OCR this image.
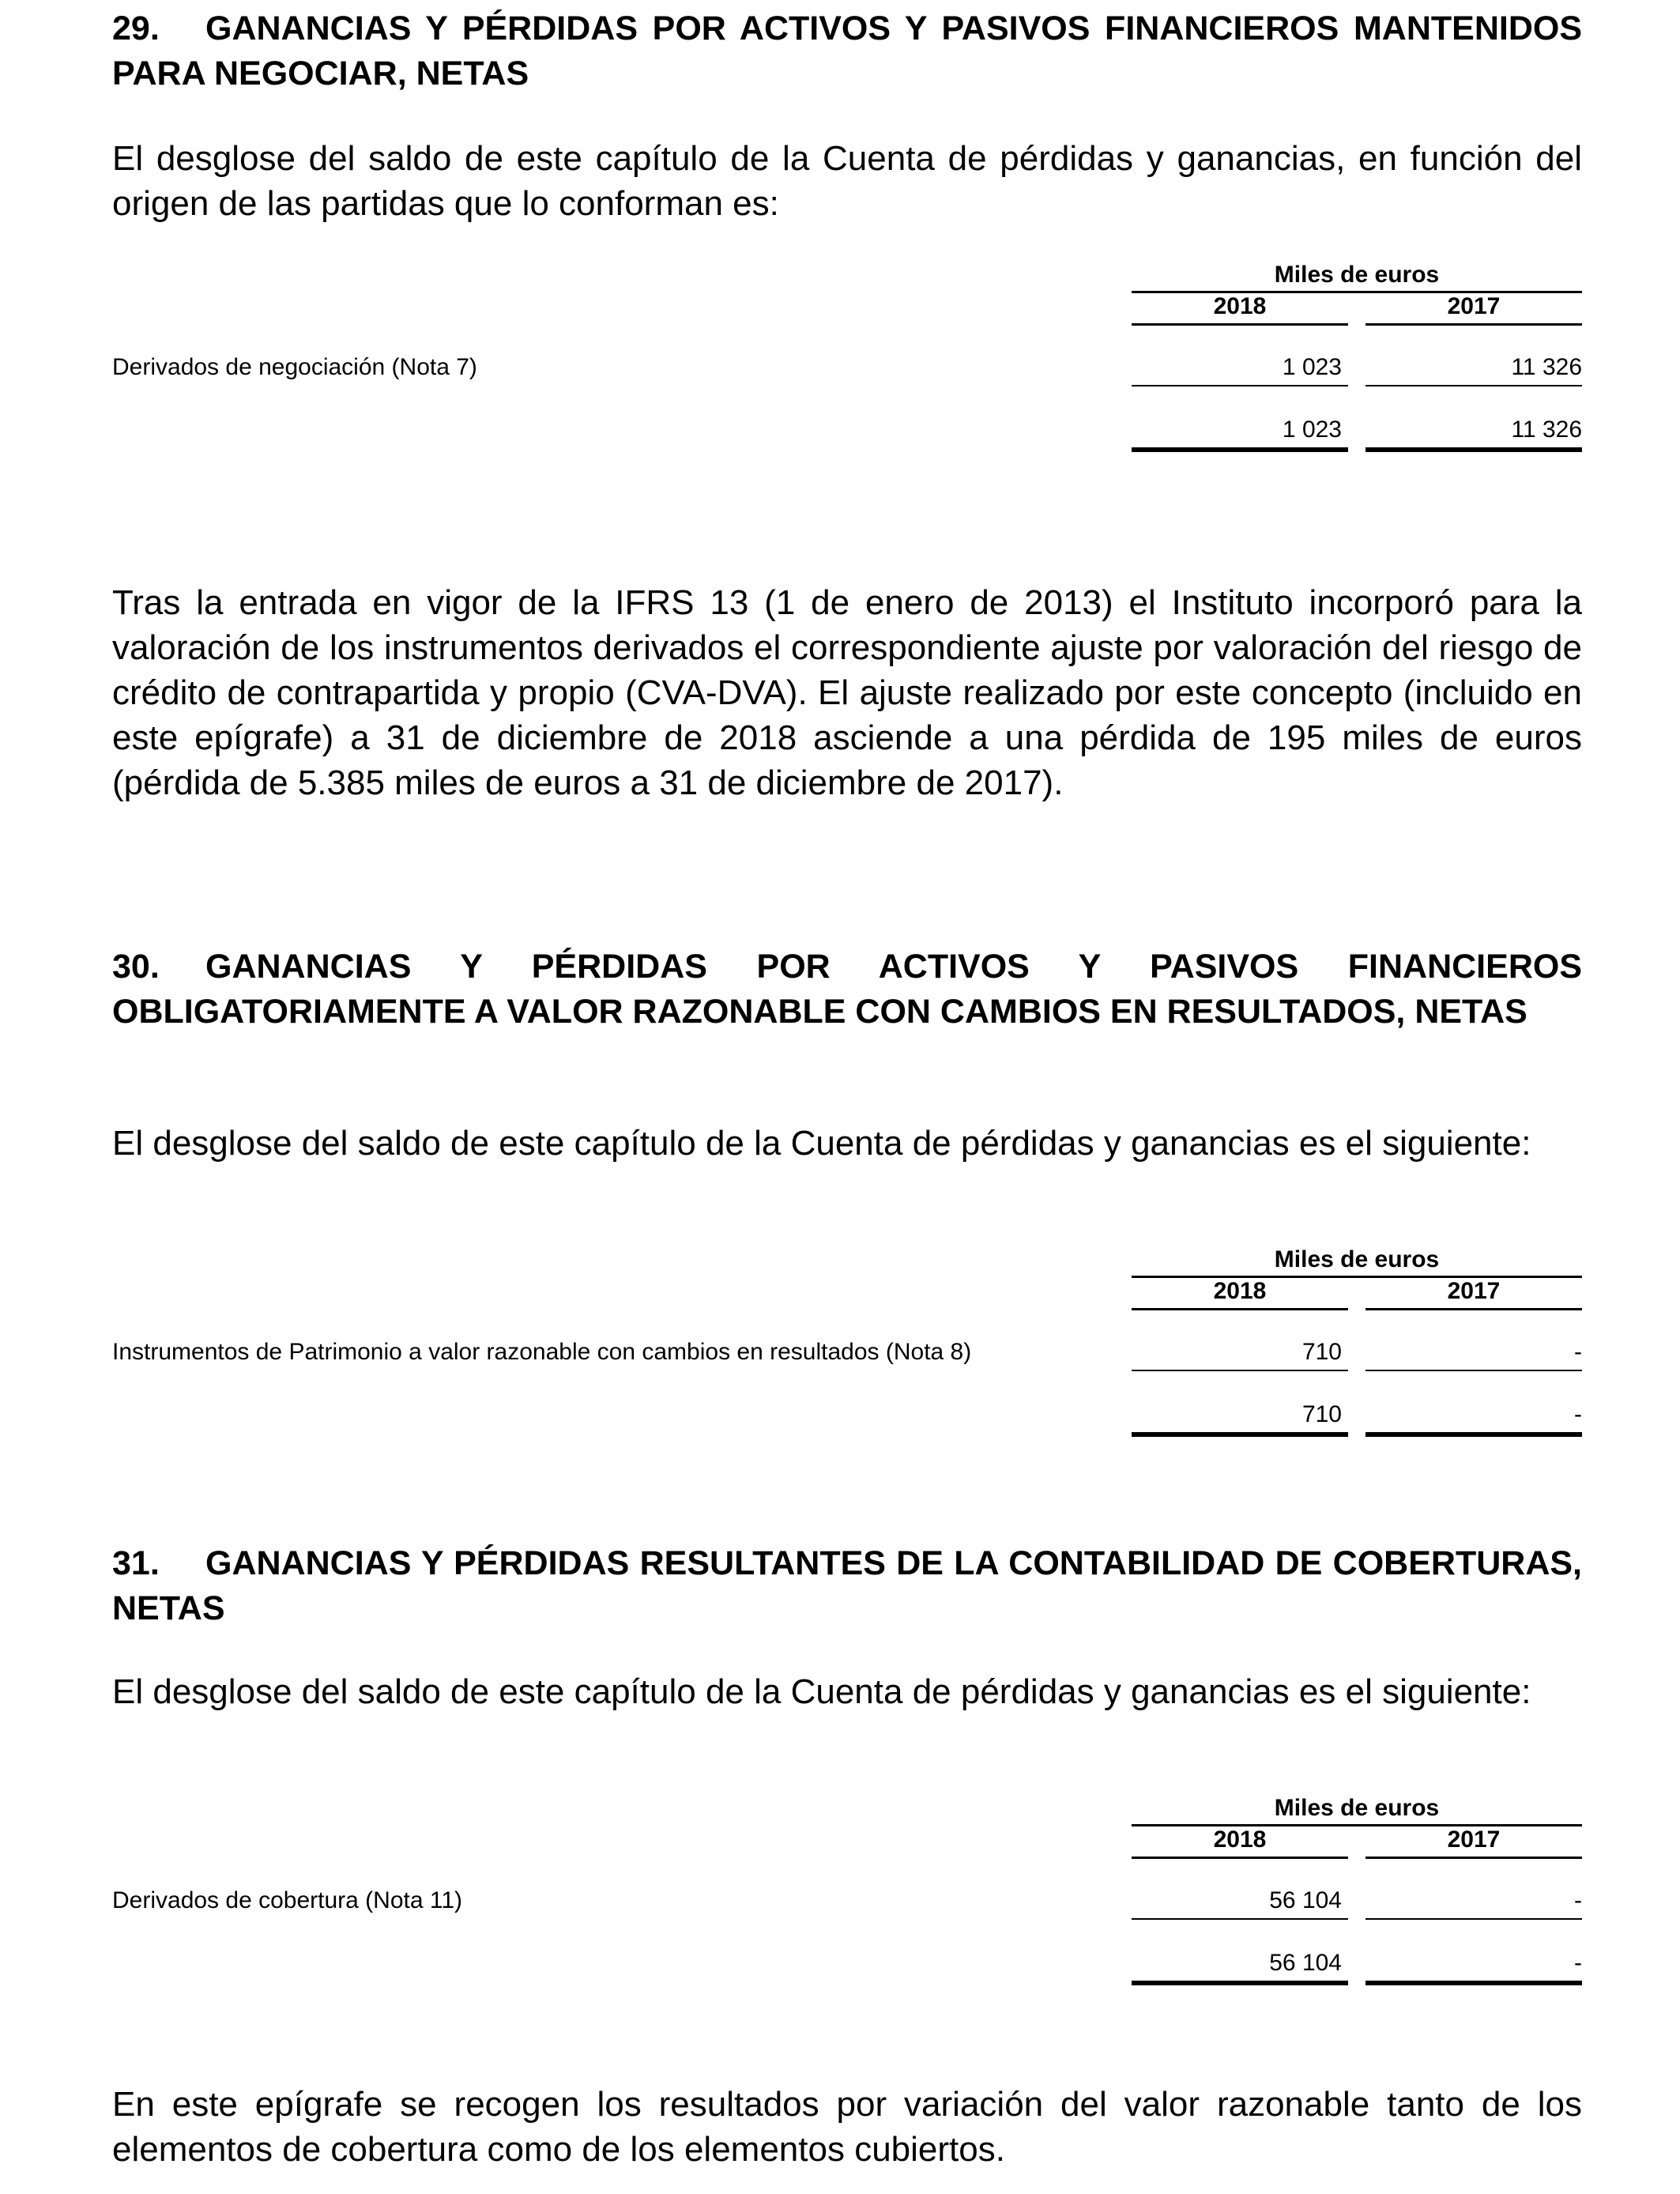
29. GANANCIAS Y PÉRDIDAS POR ACTIVOS Y PASIVOS FINANCIEROS MANTENIDOS PARA NEGOCIAR, NETAS

El desglose del saldo de este capítulo de la Cuenta de pérdidas y ganancias, en función del origen de las partidas que lo conforman es:

Miles de euros
2018	2017
Derivados de negociación (Nota 7)	1 023	11 326
1 023	11 326

Tras la entrada en vigor de la IFRS 13 (1 de enero de 2013) el Instituto incorporó para la valoración de los instrumentos derivados el correspondiente ajuste por valoración del riesgo de crédito de contrapartida y propio (CVA-DVA). El ajuste realizado por este concepto (incluido en este epígrafe) a 31 de diciembre de 2018 asciende a una pérdida de 195 miles de euros (pérdida de 5.385 miles de euros a 31 de diciembre de 2017).

30. GANANCIAS Y PÉRDIDAS POR ACTIVOS Y PASIVOS FINANCIEROS OBLIGATORIAMENTE A VALOR RAZONABLE CON CAMBIOS EN RESULTADOS, NETAS

El desglose del saldo de este capítulo de la Cuenta de pérdidas y ganancias es el siguiente:

Miles de euros
2018	2017
Instrumentos de Patrimonio a valor razonable con cambios en resultados (Nota 8)	710	-
710	-
31. GANANCIAS Y PÉRDIDAS RESULTANTES DE LA CONTABILIDAD DE COBERTURAS, NETAS

El desglose del saldo de este capítulo de la Cuenta de pérdidas y ganancias es el siguiente:

Miles de euros
2018	2017
Derivados de cobertura (Nota 11)	56 104	-
56 104	-

En este epígrafe se recogen los resultados por variación del valor razonable tanto de los elementos de cobertura como de los elementos cubiertos.
